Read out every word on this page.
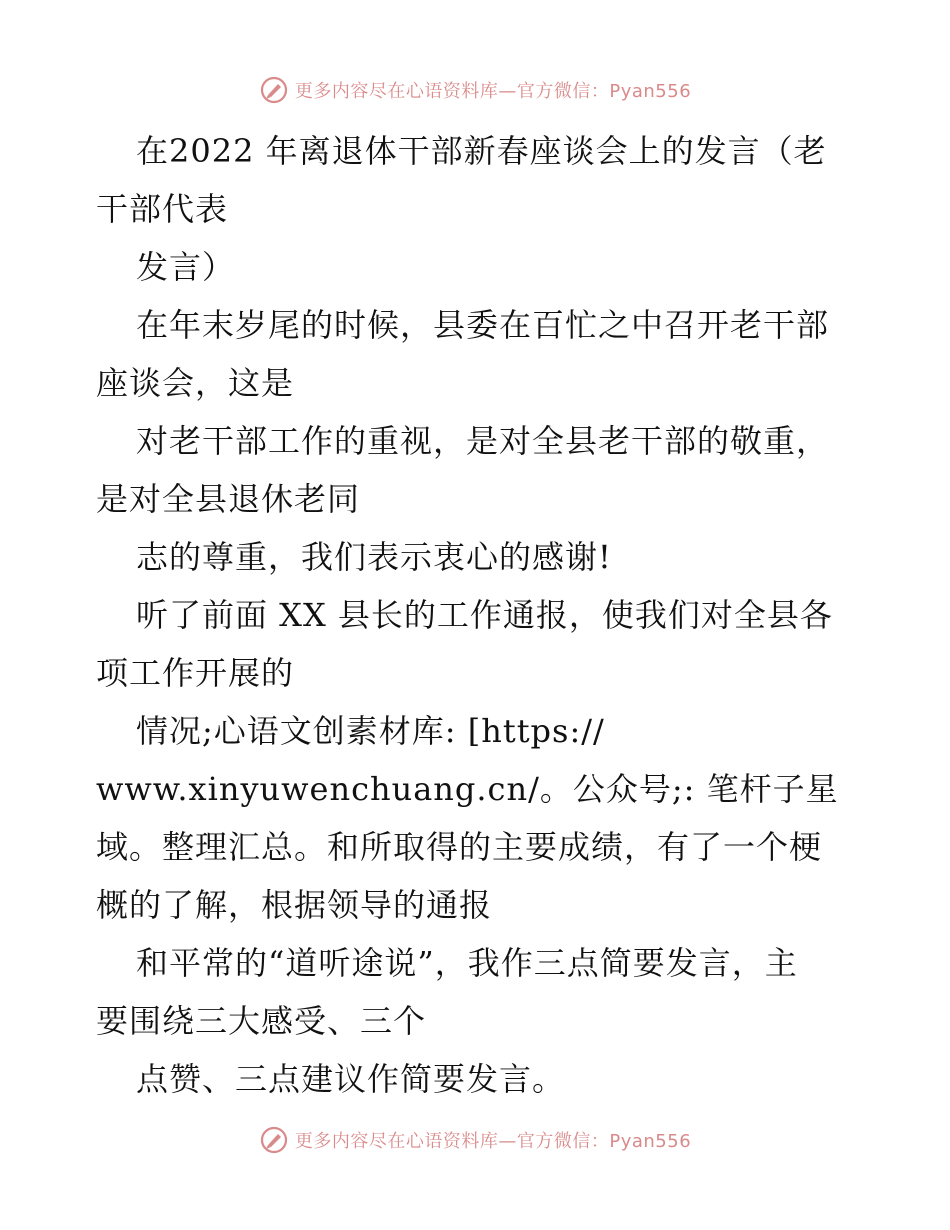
更多内容尽在心语资料库—官方微信：Pyan556
在2022 年离退体干部新春座谈会上的发言（老
干部代表
发言）
在年末岁尾的时候，县委在百忙之中召开老干部
座谈会，这是
对老干部工作的重视，是对全县老干部的敬重，
是对全县退休老同
志的尊重，我们表示衷心的感谢!
听了前面 XX 县长的工作通报，使我们对全县各
项工作开展的
情况;心语文创素材库: [https://
www.xinyuwenchuang.cn/。公众号;: 笔杆子星
域。整理汇总。和所取得的主要成绩，有了一个梗
概的了解，根据领导的通报
和平常的“道听途说”，我作三点简要发言，主
要围绕三大感受、三个
点赞、三点建议作简要发言。
更多内容尽在心语资料库—官方微信：Pyan556
